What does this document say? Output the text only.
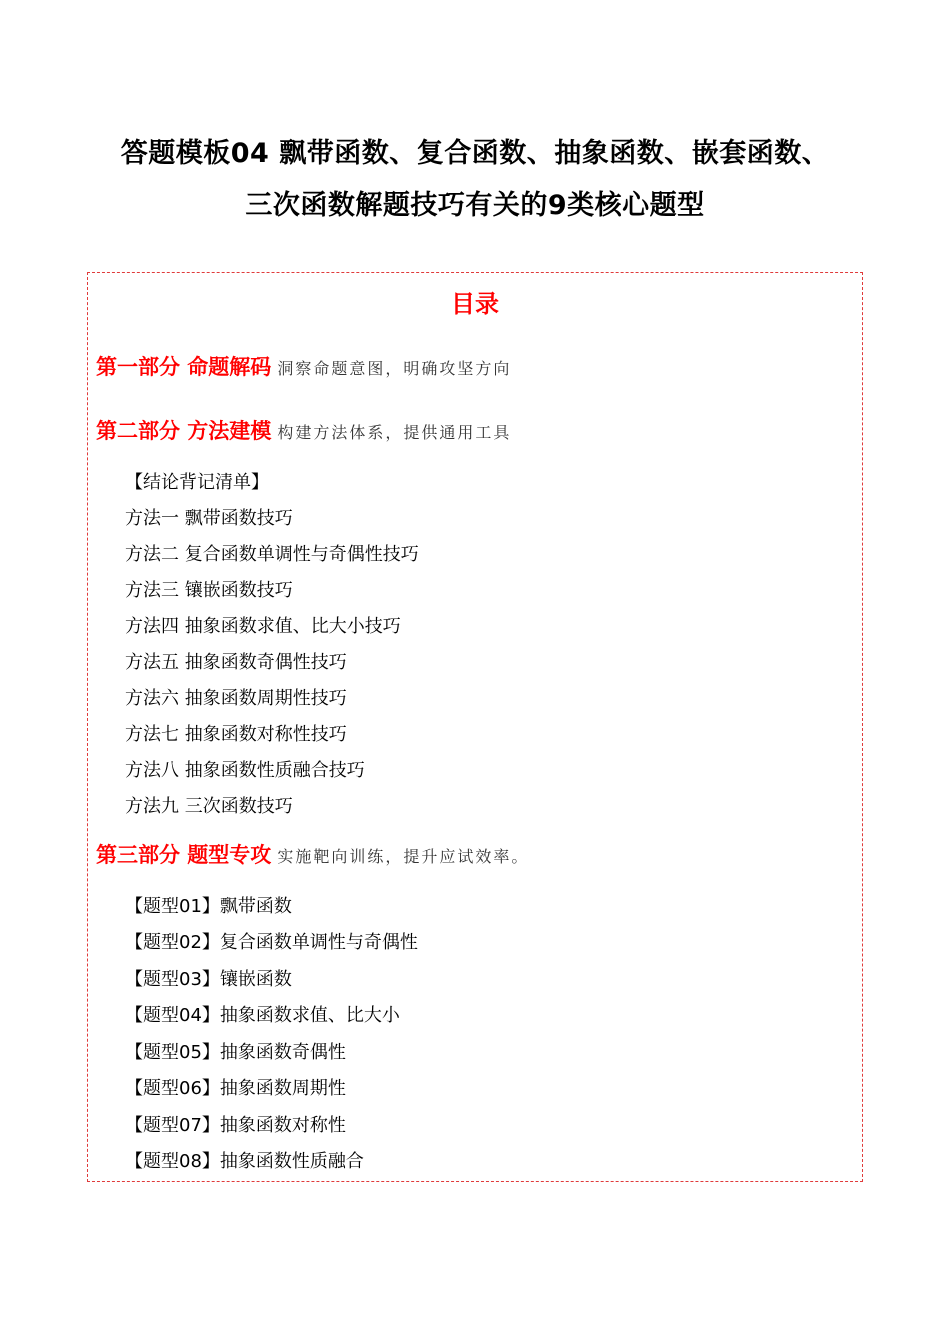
答题模板04 飘带函数、复合函数、抽象函数、嵌套函数、
三次函数解题技巧有关的9类核心题型
目录
第一部分 命题解码 洞察命题意图，明确攻坚方向
第二部分 方法建模 构建方法体系，提供通用工具
【结论背记清单】
方法一 飘带函数技巧
方法二 复合函数单调性与奇偶性技巧
方法三 镶嵌函数技巧
方法四 抽象函数求值、比大小技巧
方法五 抽象函数奇偶性技巧
方法六 抽象函数周期性技巧
方法七 抽象函数对称性技巧
方法八 抽象函数性质融合技巧
方法九 三次函数技巧
第三部分 题型专攻 实施靶向训练，提升应试效率。
【题型01】飘带函数
【题型02】复合函数单调性与奇偶性
【题型03】镶嵌函数
【题型04】抽象函数求值、比大小
【题型05】抽象函数奇偶性
【题型06】抽象函数周期性
【题型07】抽象函数对称性
【题型08】抽象函数性质融合
